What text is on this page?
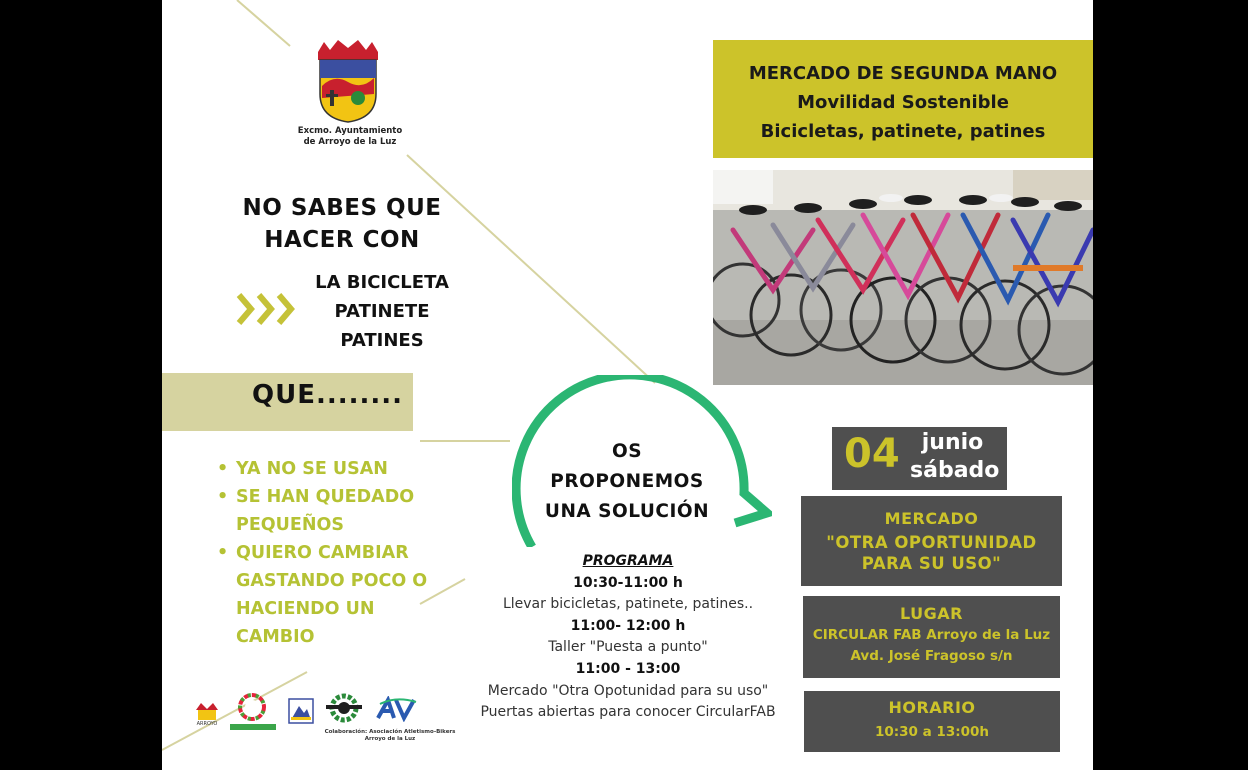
Excmo. Ayuntamiento
de Arroyo de la Luz
NO SABES QUE
HACER CON
LA BICICLETA
PATINETE
PATINES
QUE........
• YA NO SE USAN
• SE HAN QUEDADO PEQUEÑOS
• QUIERO CAMBIAR GASTANDO POCO O HACIENDO UN CAMBIO
MERCADO DE SEGUNDA MANO
Movilidad Sostenible
Bicicletas, patinete, patines
OS
PROPONEMOS
UNA SOLUCIÓN
PROGRAMA
10:30-11:00 h
Llevar bicicletas, patinete, patines..
11:00- 12:00 h
Taller "Puesta a punto"
11:00 - 13:00
Mercado "Otra Opotunidad para su uso"
Puertas abiertas para conocer CircularFAB
04	junio
sábado
MERCADO
"OTRA OPORTUNIDAD
PARA SU USO"
LUGAR
CIRCULAR FAB Arroyo de la Luz
Avd. José Fragoso s/n
HORARIO
10:30 a 13:00h
ARROYO
Colaboración: Asociación Atletismo-Bikers
Arroyo de la Luz
